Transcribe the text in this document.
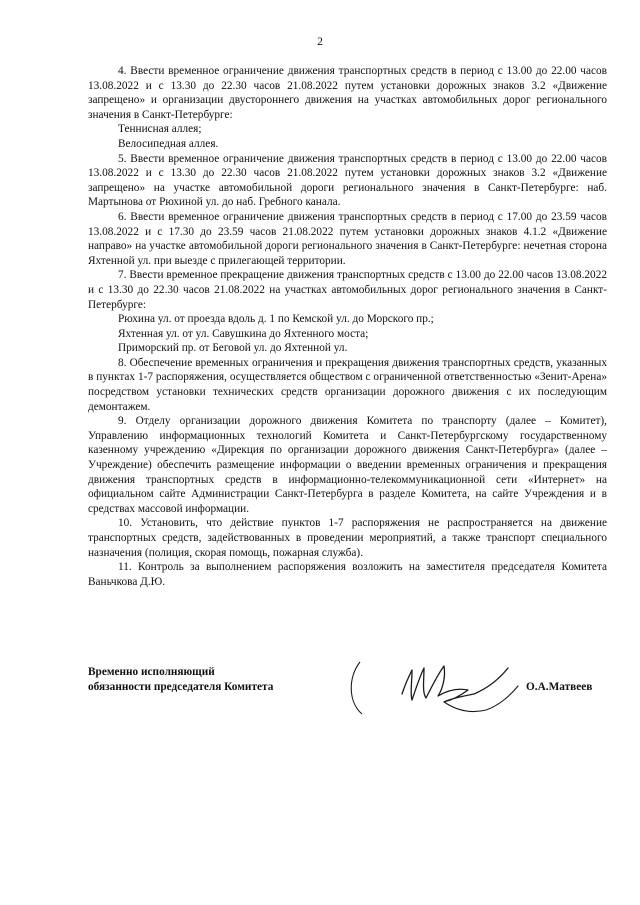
2

4. Ввести временное ограничение движения транспортных средств в период с 13.00 до 22.00 часов 13.08.2022 и с 13.30 до 22.30 часов 21.08.2022 путем установки дорожных знаков 3.2 «Движение запрещено» и организации двустороннего движения на участках автомобильных дорог регионального значения в Санкт-Петербурге:

Теннисная аллея;

Велосипедная аллея.

5. Ввести временное ограничение движения транспортных средств в период с 13.00 до 22.00 часов 13.08.2022 и с 13.30 до 22.30 часов 21.08.2022 путем установки дорожных знаков 3.2 «Движение запрещено» на участке автомобильной дороги регионального значения в Санкт-Петербурге: наб. Мартынова от Рюхиной ул. до наб. Гребного канала.

6. Ввести временное ограничение движения транспортных средств в период с 17.00 до 23.59 часов 13.08.2022 и с 17.30 до 23.59 часов 21.08.2022 путем установки дорожных знаков 4.1.2 «Движение направо» на участке автомобильной дороги регионального значения в Санкт-Петербурге: нечетная сторона Яхтенной ул. при выезде с прилегающей территории.

7. Ввести временное прекращение движения транспортных средств с 13.00 до 22.00 часов 13.08.2022 и с 13.30 до 22.30 часов 21.08.2022 на участках автомобильных дорог регионального значения в Санкт-Петербурге:

Рюхина ул. от проезда вдоль д. 1 по Кемской ул. до Морского пр.;

Яхтенная ул. от ул. Савушкина до Яхтенного моста;

Приморский пр. от Беговой ул. до Яхтенной ул.

8. Обеспечение временных ограничения и прекращения движения транспортных средств, указанных в пунктах 1-7 распоряжения, осуществляется обществом с ограниченной ответственностью «Зенит-Арена» посредством установки технических средств организации дорожного движения с их последующим демонтажем.

9. Отделу организации дорожного движения Комитета по транспорту (далее – Комитет), Управлению информационных технологий Комитета и Санкт-Петербургскому государственному казенному учреждению «Дирекция по организации дорожного движения Санкт-Петербурга» (далее – Учреждение) обеспечить размещение информации о введении временных ограничения и прекращения движения транспортных средств в информационно-телекоммуникационной сети «Интернет» на официальном сайте Администрации Санкт-Петербурга в разделе Комитета, на сайте Учреждения и в средствах массовой информации.

10. Установить, что действие пунктов 1-7 распоряжения не распространяется на движение транспортных средств, задействованных в проведении мероприятий, а также транспорт специального назначения (полиция, скорая помощь, пожарная служба).

11. Контроль за выполнением распоряжения возложить на заместителя председателя Комитета Ваньчкова Д.Ю.

Временно исполняющий
обязанности председателя Комитета	О.А.Матвеев
